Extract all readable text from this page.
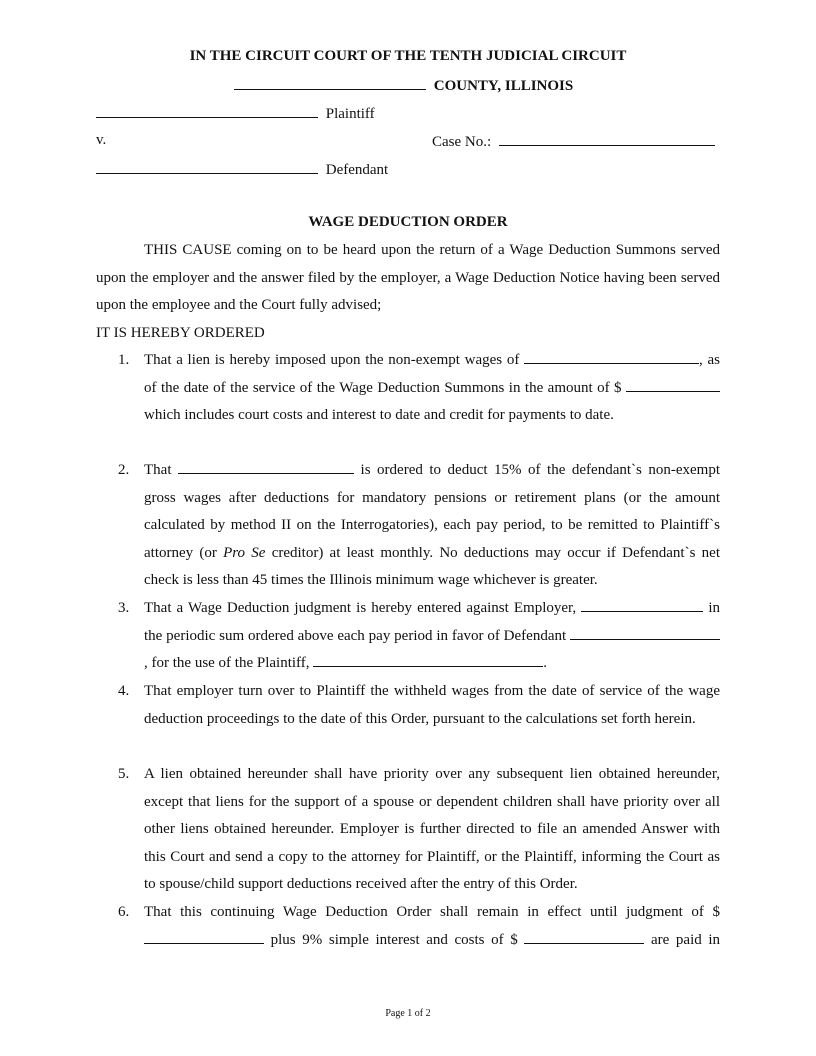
IN THE CIRCUIT COURT OF THE TENTH JUDICIAL CIRCUIT
COUNTY, ILLINOIS
Plaintiff
v.	Case No.:
Defendant
WAGE DEDUCTION ORDER
THIS CAUSE coming on to be heard upon the return of a Wage Deduction Summons served upon the employer and the answer filed by the employer, a Wage Deduction Notice having been served upon the employee and the Court fully advised;
IT IS HEREBY ORDERED
1. That a lien is hereby imposed upon the non-exempt wages of	, as of the date of the service of the Wage Deduction Summons in the amount of $  which includes court costs and interest to date and credit for payments to date.
2. That	is ordered to deduct 15% of the defendant`s non-exempt gross wages after deductions for mandatory pensions or retirement plans (or the amount calculated by method II on the Interrogatories), each pay period, to be remitted to Plaintiff`s attorney (or Pro Se creditor) at least monthly. No deductions may occur if Defendant`s net check is less than 45 times the Illinois minimum wage whichever is greater.
3. That a Wage Deduction judgment is hereby entered against Employer,	in the periodic sum ordered above each pay period in favor of Defendant , for the use of the Plaintiff,	.
4. That employer turn over to Plaintiff the withheld wages from the date of service of the wage deduction proceedings to the date of this Order, pursuant to the calculations set forth herein.
5. A lien obtained hereunder shall have priority over any subsequent lien obtained hereunder, except that liens for the support of a spouse or dependent children shall have priority over all other liens obtained hereunder. Employer is further directed to file an amended Answer with this Court and send a copy to the attorney for Plaintiff, or the Plaintiff, informing the Court as to spouse/child support deductions received after the entry of this Order.
6. That this continuing Wage Deduction Order shall remain in effect until judgment of $  plus 9% simple interest and costs of $	are paid in
Page 1 of 2
